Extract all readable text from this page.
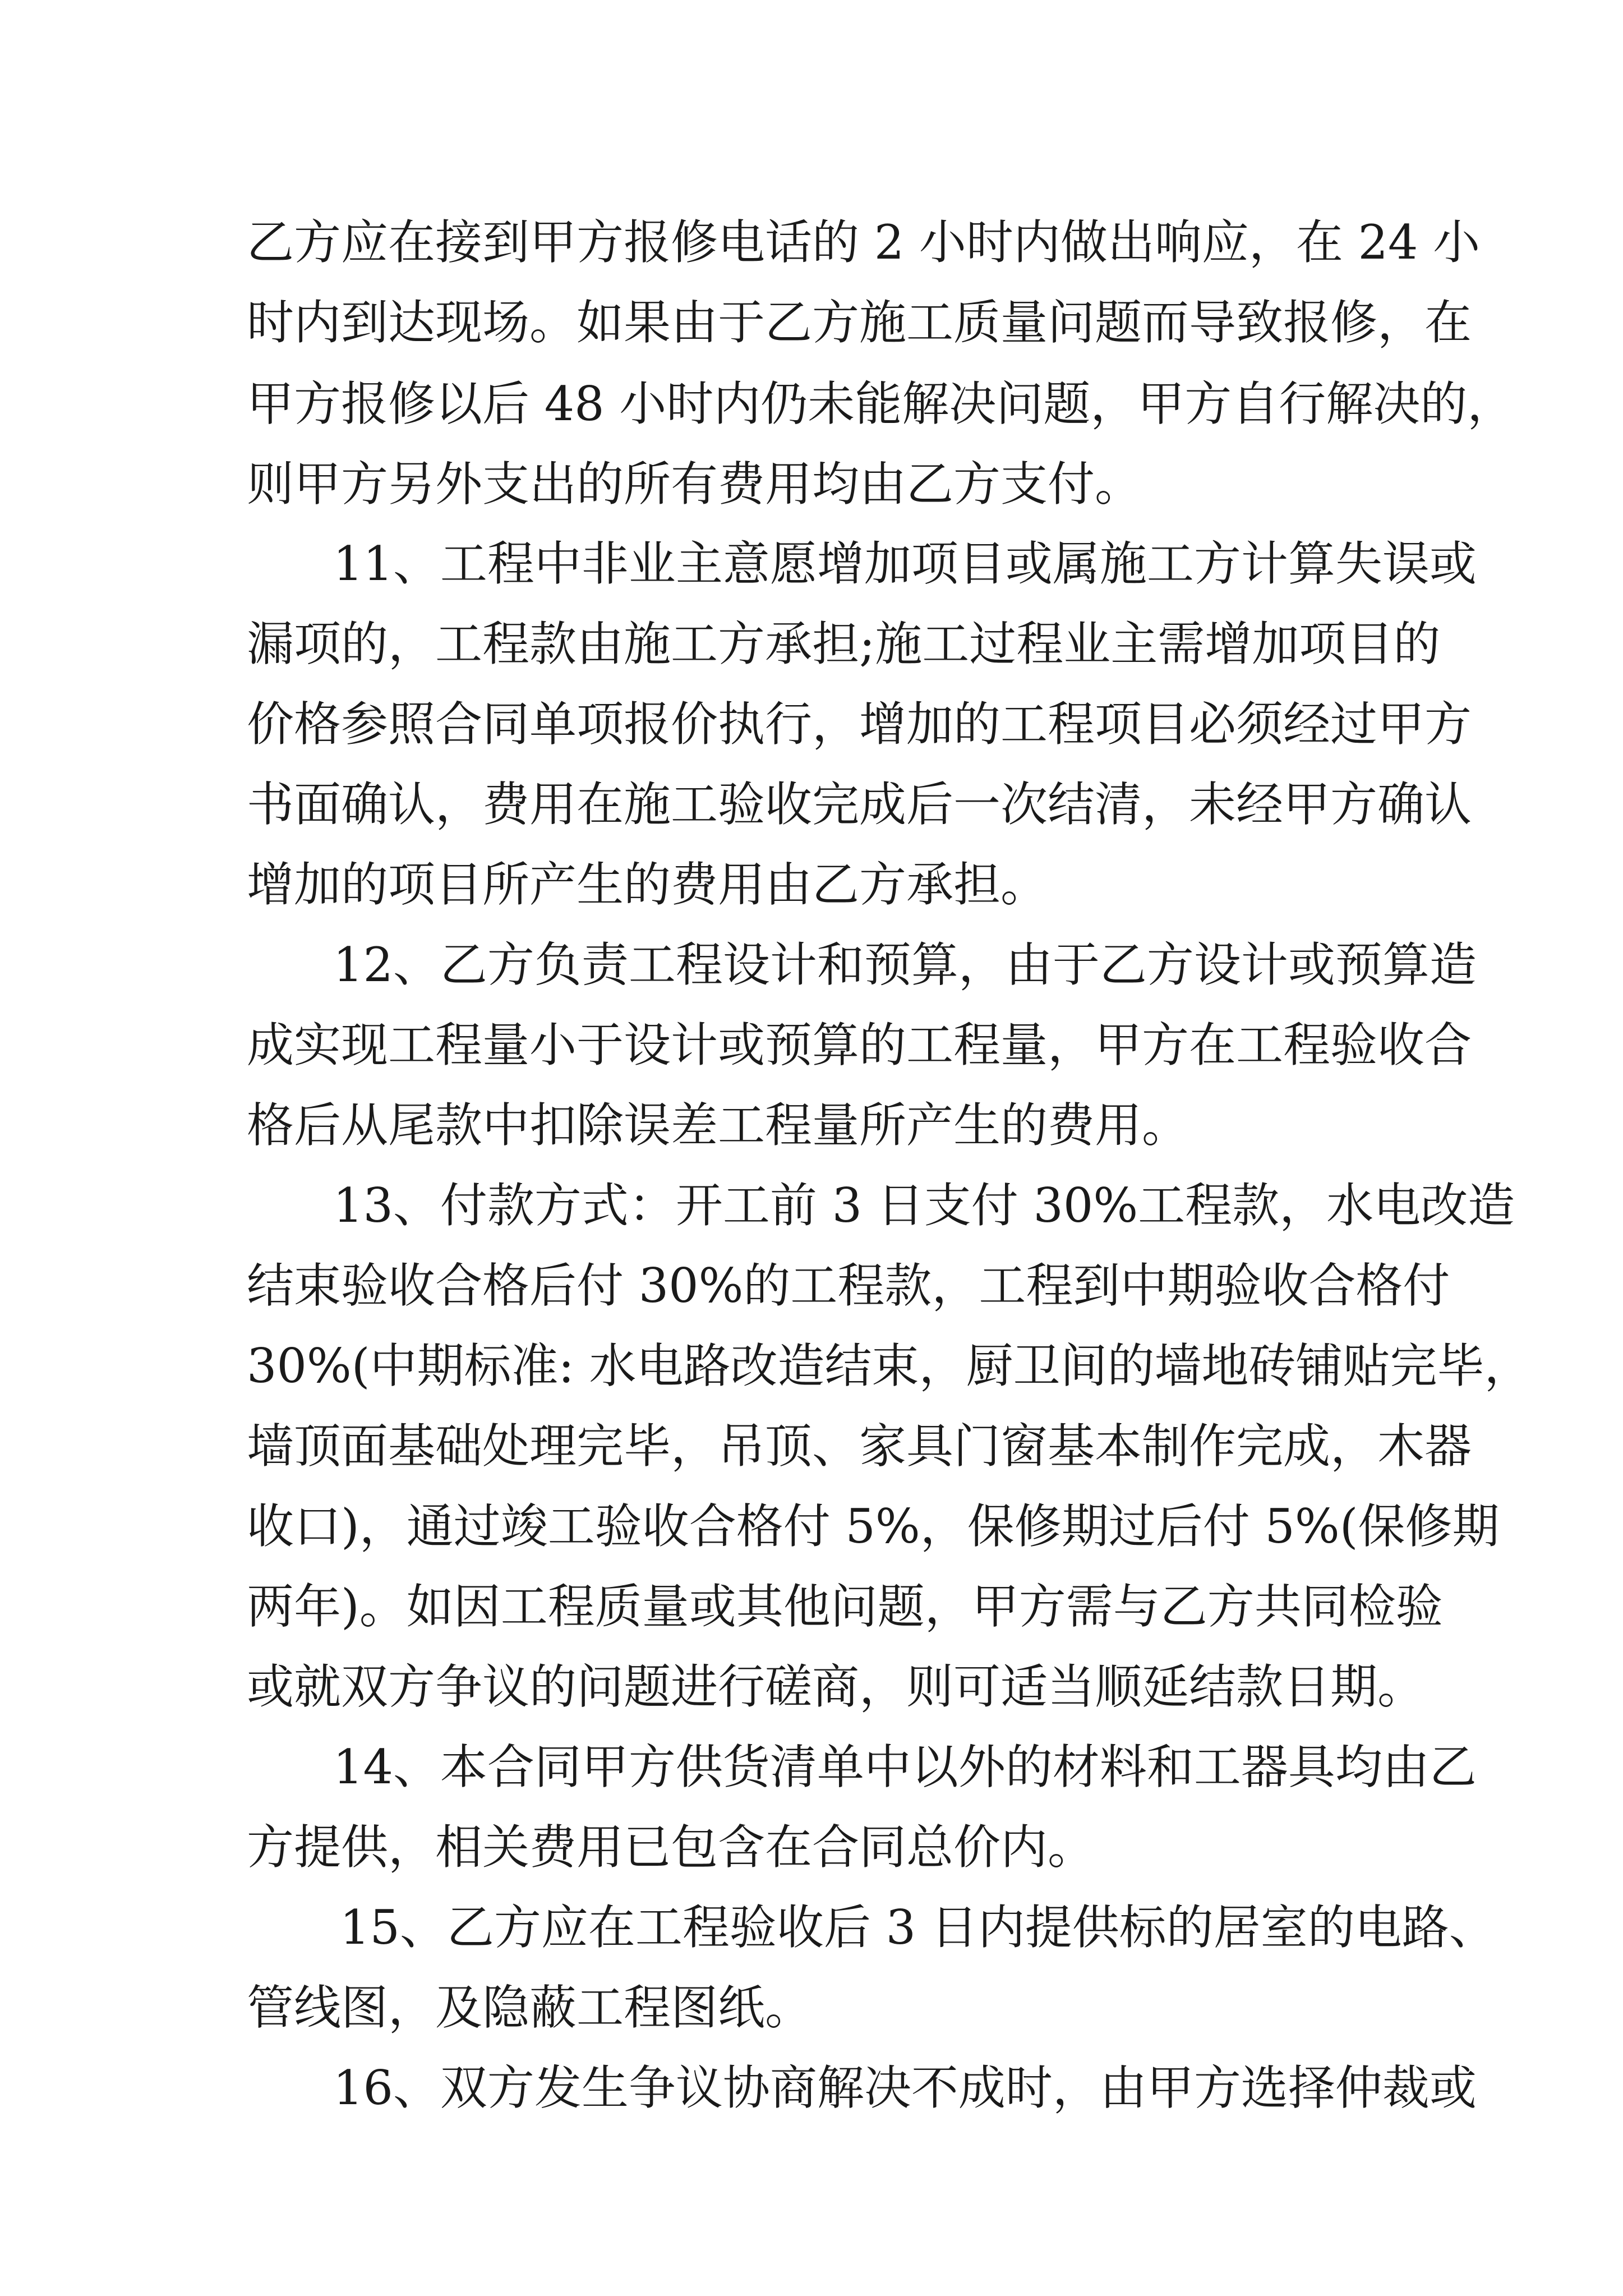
乙方应在接到甲方报修电话的 2 小时内做出响应，在 24 小

时内到达现场。如果由于乙方施工质量问题而导致报修，在

甲方报修以后 48 小时内仍未能解决问题，甲方自行解决的，

则甲方另外支出的所有费用均由乙方支付。

11、工程中非业主意愿增加项目或属施工方计算失误或

漏项的，工程款由施工方承担;施工过程业主需增加项目的

价格参照合同单项报价执行，增加的工程项目必须经过甲方

书面确认，费用在施工验收完成后一次结清，未经甲方确认

增加的项目所产生的费用由乙方承担。

12、乙方负责工程设计和预算，由于乙方设计或预算造

成实现工程量小于设计或预算的工程量，甲方在工程验收合

格后从尾款中扣除误差工程量所产生的费用。

13、付款方式：开工前 3 日支付 30%工程款，水电改造

结束验收合格后付 30%的工程款，工程到中期验收合格付

30%(中期标准: 水电路改造结束，厨卫间的墙地砖铺贴完毕，

墙顶面基础处理完毕，吊顶、家具门窗基本制作完成，木器

收口)，通过竣工验收合格付 5%，保修期过后付 5%(保修期

两年)。如因工程质量或其他问题，甲方需与乙方共同检验

或就双方争议的问题进行磋商，则可适当顺延结款日期。

14、本合同甲方供货清单中以外的材料和工器具均由乙

方提供，相关费用已包含在合同总价内。

15、乙方应在工程验收后 3 日内提供标的居室的电路、

管线图，及隐蔽工程图纸。

16、双方发生争议协商解决不成时，由甲方选择仲裁或
